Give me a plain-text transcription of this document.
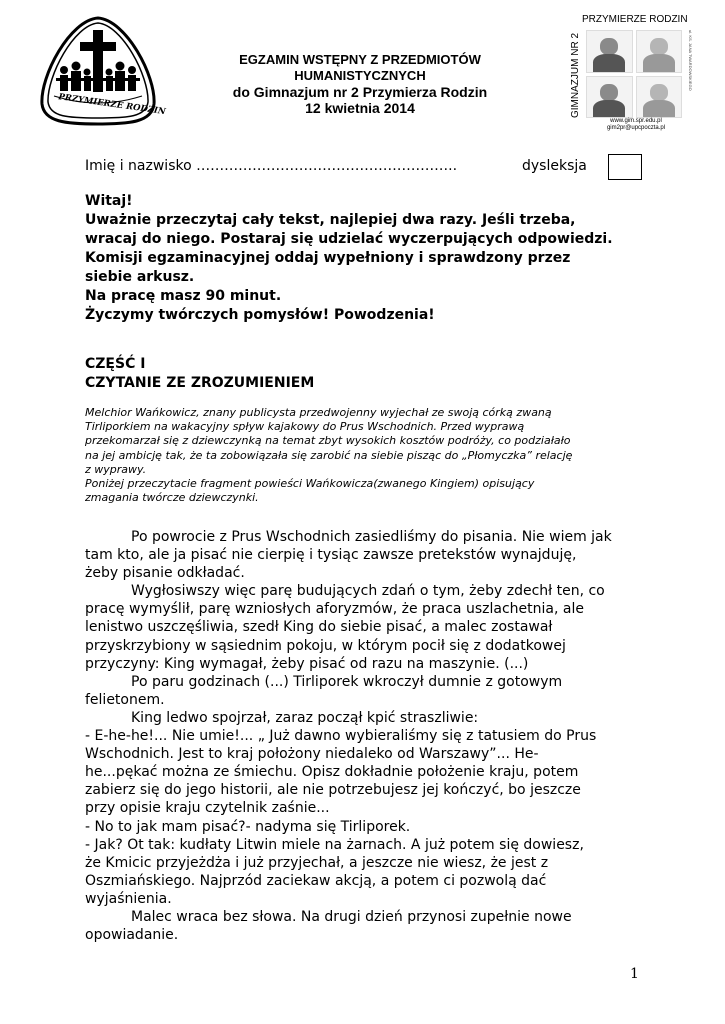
PRZYMIERZE RODZIN
EGZAMIN WSTĘPNY Z PRZEDMIOTÓW
HUMANISTYCZNYCH
do Gimnazjum nr 2 Przymierza Rodzin
12 kwietnia 2014
PRZYMIERZE RODZIN
GIMNAZJUM NR 2	ul. KS. JANA TWARDOWSKIEGO
www.gim.spr.edu.pl
gim2pr@upcpoczta.pl
Imię i nazwisko ………………………………………………..	dysleksja
Witaj!
Uważnie przeczytaj cały tekst, najlepiej dwa razy. Jeśli trzeba,
wracaj do niego. Postaraj się udzielać wyczerpujących odpowiedzi.
Komisji egzaminacyjnej oddaj wypełniony i sprawdzony przez
siebie arkusz.
Na pracę masz 90 minut.
Życzymy twórczych pomysłów! Powodzenia!
CZĘŚĆ I
CZYTANIE ZE ZROZUMIENIEM
Melchior Wańkowicz, znany publicysta przedwojenny wyjechał ze swoją córką zwaną
Tirliporkiem na wakacyjny spływ kajakowy do Prus Wschodnich. Przed wyprawą
przekomarzał się z dziewczynką na temat zbyt wysokich kosztów podróży, co podziałało
na jej ambicję tak, że ta zobowiązała się zarobić na siebie pisząc do „Płomyczka” relację
z wyprawy.
Poniżej przeczytacie fragment powieści Wańkowicza(zwanego Kingiem) opisujący
zmagania twórcze dziewczynki.
Po powrocie z Prus Wschodnich zasiedliśmy do pisania. Nie wiem jak
tam kto, ale ja pisać nie cierpię i tysiąc zawsze pretekstów wynajduję,
żeby pisanie odkładać.
Wygłosiwszy więc parę budujących zdań o tym, żeby zdechł ten, co
pracę wymyślił, parę wzniosłych aforyzmów, że praca uszlachetnia, ale
lenistwo uszczęśliwia, szedł King do siebie pisać, a malec zostawał
przyskrzybiony w sąsiednim pokoju, w którym pocił się z dodatkowej
przyczyny: King wymagał, żeby pisać od razu na maszynie. (...)
Po paru godzinach (...) Tirliporek wkroczył dumnie z gotowym
felietonem.
King ledwo spojrzał, zaraz począł kpić straszliwie:
- E-he-he!... Nie umie!... „ Już dawno wybieraliśmy się z tatusiem do Prus
Wschodnich. Jest to kraj położony niedaleko od Warszawy”... He-
he...pękać można ze śmiechu. Opisz dokładnie położenie kraju, potem
zabierz się do jego historii, ale nie potrzebujesz jej kończyć, bo jeszcze
przy opisie kraju czytelnik zaśnie...
- No to jak mam pisać?- nadyma się Tirliporek.
- Jak? Ot tak: kudłaty Litwin miele na żarnach. A już potem się dowiesz,
że Kmicic przyjeżdża i już przyjechał, a jeszcze nie wiesz, że jest z
Oszmiańskiego. Najprzód zaciekaw akcją, a potem ci pozwolą dać
wyjaśnienia.
Malec wraca bez słowa. Na drugi dzień przynosi zupełnie nowe
opowiadanie.
1
